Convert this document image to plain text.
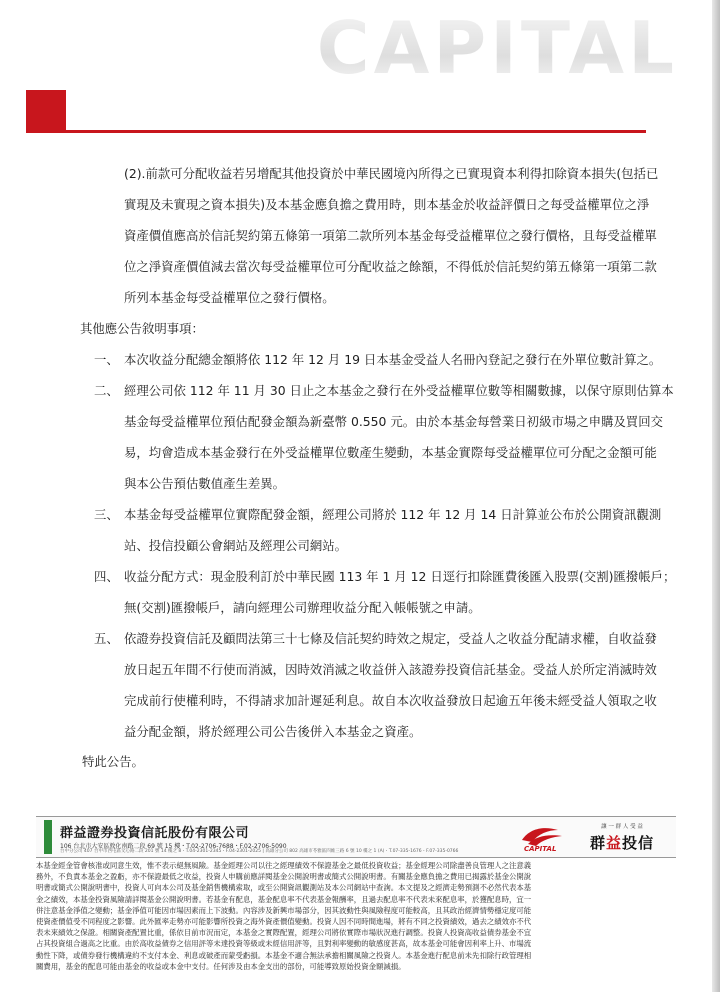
CAPITAL
(2).前款可分配收益若另增配其他投資於中華民國境內所得之已實現資本利得扣除資本損失(包括已
實現及未實現之資本損失)及本基金應負擔之費用時，則本基金於收益評價日之每受益權單位之淨
資產價值應高於信託契約第五條第一項第二款所列本基金每受益權單位之發行價格，且每受益權單
位之淨資產價值減去當次每受益權單位可分配收益之餘額，不得低於信託契約第五條第一項第二款
所列本基金每受益權單位之發行價格。
其他應公告敘明事項：
一、 本次收益分配總金額將依 112 年 12 月 19 日本基金受益人名冊內登記之發行在外單位數計算之。
二、 經理公司依 112 年 11 月 30 日止之本基金之發行在外受益權單位數等相關數據，以保守原則估算本
基金每受益權單位預估配發金額為新臺幣 0.550 元。由於本基金每營業日初級市場之申購及買回交
易，均會造成本基金發行在外受益權單位數產生變動，本基金實際每受益權單位可分配之金額可能
與本公告預估數值產生差異。
三、 本基金每受益權單位實際配發金額，經理公司將於 112 年 12 月 14 日計算並公布於公開資訊觀測
站、投信投顧公會網站及經理公司網站。
四、 收益分配方式：現金股利訂於中華民國 113 年 1 月 12 日逕行扣除匯費後匯入股票(交割)匯撥帳戶；
無(交割)匯撥帳戶，請向經理公司辦理收益分配入帳帳號之申請。
五、 依證券投資信託及顧問法第三十七條及信託契約時效之規定，受益人之收益分配請求權，自收益發
放日起五年間不行使而消滅，因時效消滅之收益併入該證券投資信託基金。受益人於所定消滅時效
完成前行使權利時，不得請求加計遲延利息。故自本次收益發放日起逾五年後未經受益人領取之收
益分配金額，將於經理公司公告後併入本基金之資產。
特此公告。
群益證券投資信託股份有限公司
106 台北市大安區敦化南路二段 69 號 15 樓・T.02-2706-7688・F.02-2706-5090
台中分公司 407 台中市西屯區文心路二段 201 號 14 樓之 8・T.04-2301-2345・F.04-2301-2025 | 高雄分公司 802 高雄市苓雅區四維三路 6 號 10 樓之 1 (A)・T.07-335-1676・F.07-335-0766	CAPITAL
讓 一 群 人 受 益
群益投信
本基金經金管會核准或同意生效，惟不表示絕無風險。基金經理公司以往之經理績效不保證基金之最低投資收益；基金經理公司除盡善良管理人之注意義
務外，不負責本基金之盈虧，亦不保證最低之收益，投資人申購前應詳閱基金公開說明書或簡式公開說明書。有關基金應負擔之費用已揭露於基金公開說
明書或簡式公開說明書中，投資人可向本公司及基金銷售機構索取，或至公開資訊觀測站及本公司網站中查詢。本文提及之經濟走勢預測不必然代表本基
金之績效，本基金投資風險請詳閱基金公開說明書。若基金有配息，基金配息率不代表基金報酬率，且過去配息率不代表未來配息率，於獲配息時，宜一
併注意基金淨值之變動；基金淨值可能因市場因素而上下波動。內容涉及新興市場部分，因其波動性與風險程度可能較高，且其政治經濟情勢穩定度可能
使資產價值受不同程度之影響。此外匯率走勢亦可能影響所投資之海外資產價值變動。投資人因不同時間進場，將有不同之投資績效，過去之績效亦不代
表未來績效之保證。相關資產配置比重，係依目前市況而定，本基金之實際配置，經理公司將依實際市場狀況進行調整。投資人投資高收益債券基金不宜
占其投資組合過高之比重。由於高收益債券之信用評等未達投資等級或未經信用評等，且對利率變動的敏感度甚高，故本基金可能會因利率上升、市場流
動性下降，或債券發行機構違約不支付本金、利息或破產而蒙受虧損。本基金不適合無法承擔相關風險之投資人。本基金進行配息前未先扣除行政管理相
關費用，基金的配息可能由基金的收益或本金中支付。任何涉及由本金支出的部份，可能導致原始投資金額減損。
